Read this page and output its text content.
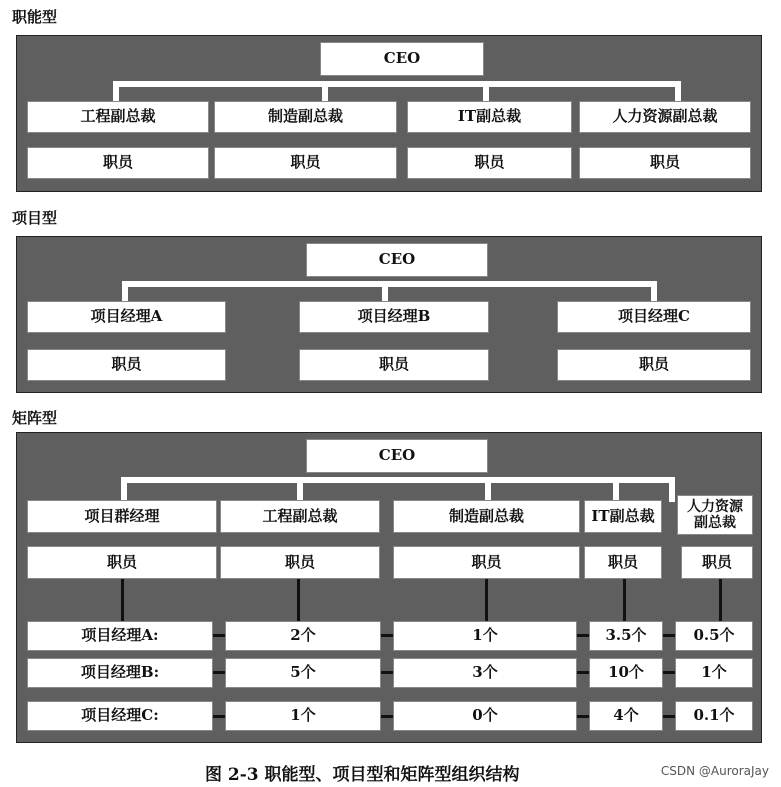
职能型
CEO
工程副总裁	制造副总裁	IT副总裁	人力资源副总裁
职员	职员	职员	职员
项目型
CEO
项目经理A	项目经理B	项目经理C
职员	职员	职员
矩阵型
CEO
项目群经理	工程副总裁	制造副总裁	IT副总裁	人力资源
副总裁
职员	职员	职员	职员	职员
项目经理A:	2个	1个	3.5个	0.5个
项目经理B:	5个	3个	10个	1个
项目经理C:	1个	0个	4个	0.1个
图 2-3 职能型、项目型和矩阵型组织结构	CSDN @AuroraJay
